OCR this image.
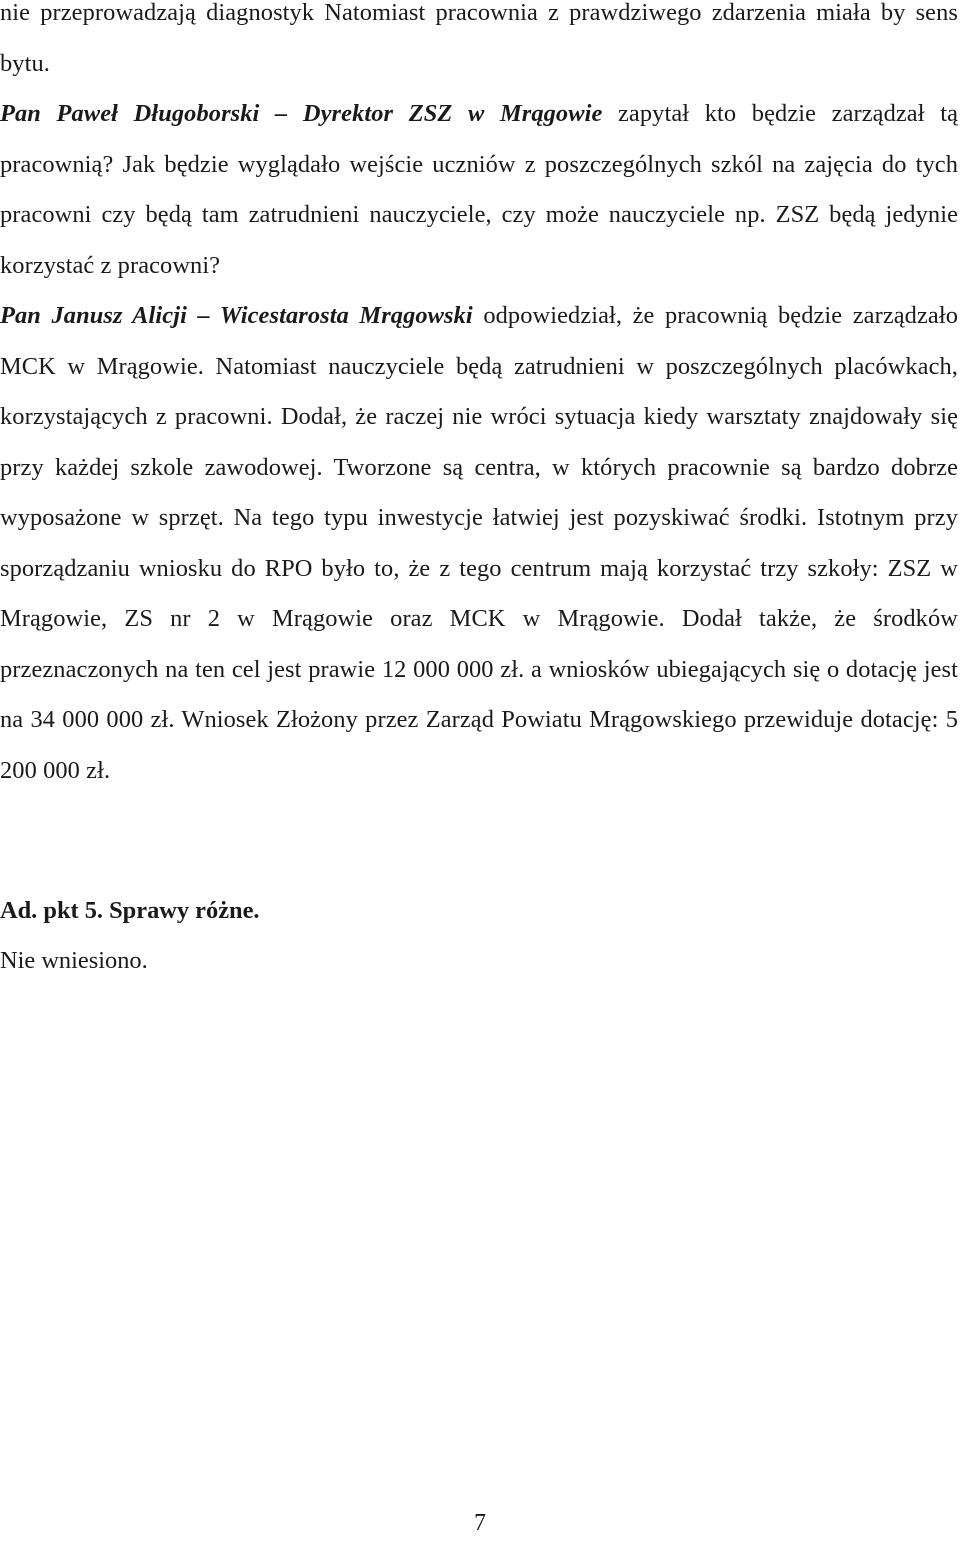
nie przeprowadzają diagnostyk Natomiast pracownia z prawdziwego zdarzenia miała by sens bytu.

Pan Paweł Długoborski – Dyrektor ZSZ w Mrągowie zapytał kto będzie zarządzał tą pracownią? Jak będzie wyglądało wejście uczniów z poszczególnych szkól na zajęcia do tych pracowni czy będą tam zatrudnieni nauczyciele, czy może nauczyciele np. ZSZ będą jedynie korzystać z pracowni?

Pan Janusz Alicji – Wicestarosta Mrągowski odpowiedział, że pracownią będzie zarządzało MCK w Mrągowie. Natomiast nauczyciele będą zatrudnieni w poszczególnych placówkach, korzystających z pracowni. Dodał, że raczej nie wróci sytuacja kiedy warsztaty znajdowały się przy każdej szkole zawodowej. Tworzone są centra, w których pracownie są bardzo dobrze wyposażone w sprzęt. Na tego typu inwestycje łatwiej jest pozyskiwać środki. Istotnym przy sporządzaniu wniosku do RPO było to, że z tego centrum mają korzystać trzy szkoły: ZSZ w Mrągowie, ZS nr 2 w Mrągowie oraz MCK w Mrągowie. Dodał także, że środków przeznaczonych na ten cel jest prawie 12 000 000 zł. a wniosków ubiegających się o dotację jest na 34 000 000 zł. Wniosek Złożony przez Zarząd Powiatu Mrągowskiego przewiduje dotację: 5 200 000 zł.

Ad. pkt 5. Sprawy różne.

Nie wniesiono.

7
